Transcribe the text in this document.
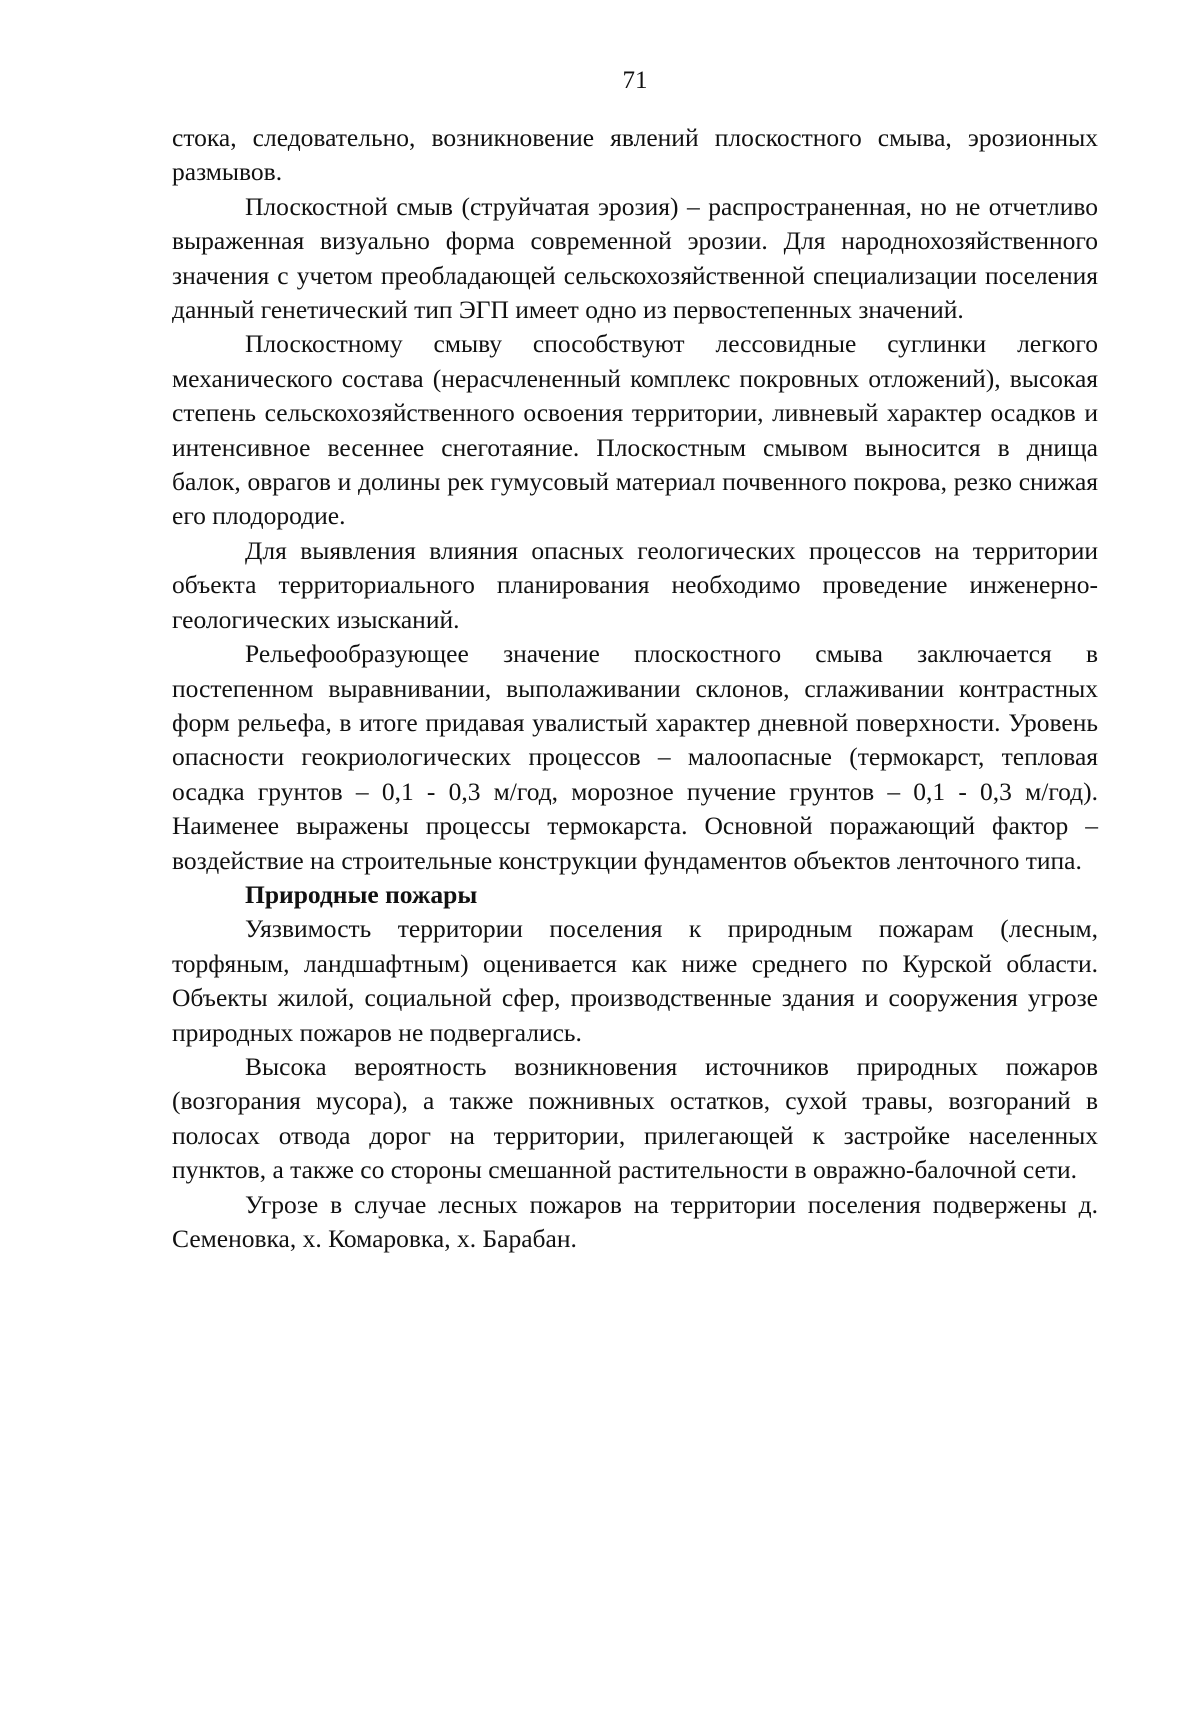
71

стока, следовательно, возникновение явлений плоскостного смыва, эрозионных размывов.

Плоскостной смыв (струйчатая эрозия) – распространенная, но не отчетливо выраженная визуально форма современной эрозии. Для народнохозяйственного значения с учетом преобладающей сельскохозяйственной специализации поселения данный генетический тип ЭГП имеет одно из первостепенных значений.

Плоскостному смыву способствуют лессовидные суглинки легкого механического состава (нерасчлененный комплекс покровных отложений), высокая степень сельскохозяйственного освоения территории, ливневый характер осадков и интенсивное весеннее снеготаяние. Плоскостным смывом выносится в днища балок, оврагов и долины рек гумусовый материал почвенного покрова, резко снижая его плодородие.

Для выявления влияния опасных геологических процессов на территории объекта территориального планирования необходимо проведение инженерно-геологических изысканий.

Рельефообразующее значение плоскостного смыва заключается в постепенном выравнивании, выполаживании склонов, сглаживании контрастных форм рельефа, в итоге придавая увалистый характер дневной поверхности. Уровень опасности геокриологических процессов – малоопасные (термокарст, тепловая осадка грунтов – 0,1 - 0,3 м/год, морозное пучение грунтов – 0,1 - 0,3 м/год). Наименее выражены процессы термокарста. Основной поражающий фактор – воздействие на строительные конструкции фундаментов объектов ленточного типа.

Природные пожары

Уязвимость территории поселения к природным пожарам (лесным, торфяным, ландшафтным) оценивается как ниже среднего по Курской области. Объекты жилой, социальной сфер, производственные здания и сооружения угрозе природных пожаров не подвергались.

Высока вероятность возникновения источников природных пожаров (возгорания мусора), а также пожнивных остатков, сухой травы, возгораний в полосах отвода дорог на территории, прилегающей к застройке населенных пунктов, а также со стороны смешанной растительности в овражно-балочной сети.

Угрозе в случае лесных пожаров на территории поселения подвержены д. Семеновка, х. Комаровка, х. Барабан.
